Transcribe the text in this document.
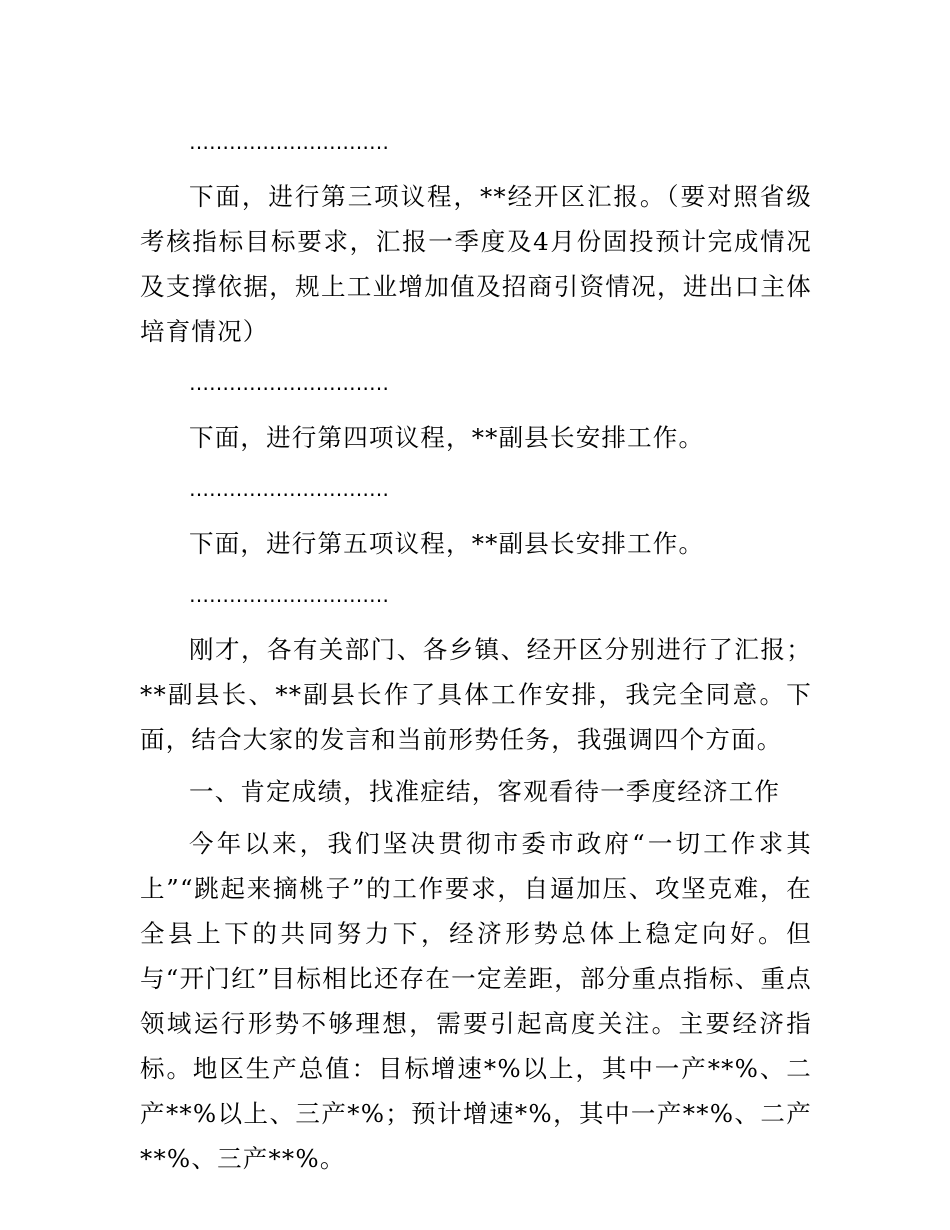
…………………………

下面，进行第三项议程，**经开区汇报。（要对照省级考核指标目标要求，汇报一季度及4月份固投预计完成情况及支撑依据，规上工业增加值及招商引资情况，进出口主体培育情况）

…………………………

下面，进行第四项议程，**副县长安排工作。

…………………………

下面，进行第五项议程，**副县长安排工作。

…………………………

刚才，各有关部门、各乡镇、经开区分别进行了汇报；**副县长、**副县长作了具体工作安排，我完全同意。下面，结合大家的发言和当前形势任务，我强调四个方面。

一、肯定成绩，找准症结，客观看待一季度经济工作

今年以来，我们坚决贯彻市委市政府“一切工作求其上”“跳起来摘桃子”的工作要求，自逼加压、攻坚克难，在全县上下的共同努力下，经济形势总体上稳定向好。但与“开门红”目标相比还存在一定差距，部分重点指标、重点领域运行形势不够理想，需要引起高度关注。主要经济指标。地区生产总值：目标增速*%以上，其中一产**%、二产**%以上、三产*%；预计增速*%，其中一产**%、二产**%、三产**%。
